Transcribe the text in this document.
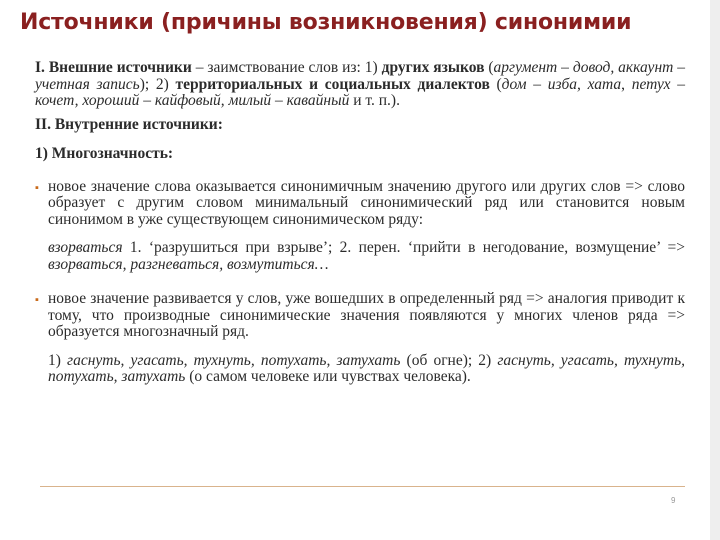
Источники (причины возникновения) синонимии

I. Внешние источники – заимствование слов из: 1) других языков (аргумент – довод, аккаунт – учетная запись); 2) территориальных и социальных диалектов (дом – изба, хата, петух – кочет, хороший – кайфовый, милый – кавайный и т. п.).

II. Внутренние источники:

1) Многозначность:

▪ новое значение слова оказывается синонимичным значению другого или других слов => слово образует с другим словом минимальный синонимический ряд или становится новым синонимом в уже существующем синонимическом ряду:

взорваться 1. ‘разрушиться при взрыве’; 2. перен. ‘прийти в негодование, возмущение’ => взорваться, разгневаться, возмутиться…

▪ новое значение развивается у слов, уже вошедших в определенный ряд => аналогия приводит к тому, что производные синонимические значения появляются у многих членов ряда => образуется многозначный ряд.

1) гаснуть, угасать, тухнуть, потухать, затухать (об огне); 2) гаснуть, угасать, тухнуть, потухать, затухать (о самом человеке или чувствах человека).

9
